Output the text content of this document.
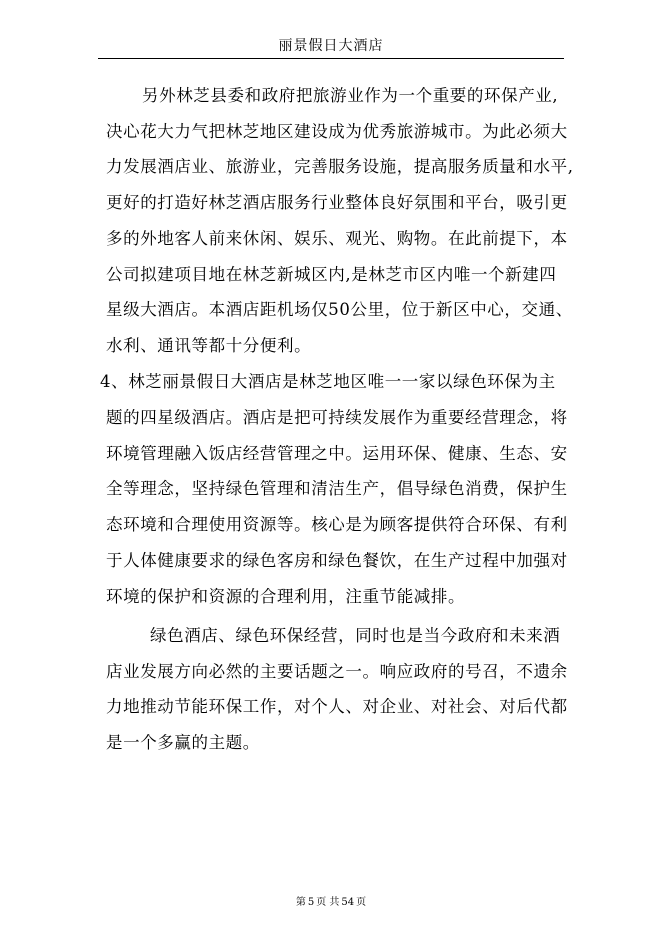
丽景假日大酒店
另外林芝县委和政府把旅游业作为一个重要的环保产业,
决心花大力气把林芝地区建设成为优秀旅游城市。为此必须大
力发展酒店业、旅游业，完善服务设施，提高服务质量和水平,
更好的打造好林芝酒店服务行业整体良好氛围和平台，吸引更
多的外地客人前来休闲、娱乐、观光、购物。在此前提下，本
公司拟建项目地在林芝新城区内,是林芝市区内唯一个新建四
星级大酒店。本酒店距机场仅50公里，位于新区中心，交通、
水利、通讯等都十分便利。
4、林芝丽景假日大酒店是林芝地区唯一一家以绿色环保为主
题的四星级酒店。酒店是把可持续发展作为重要经营理念，将
环境管理融入饭店经营管理之中。运用环保、健康、生态、安
全等理念，坚持绿色管理和清洁生产，倡导绿色消费，保护生
态环境和合理使用资源等。核心是为顾客提供符合环保、有利
于人体健康要求的绿色客房和绿色餐饮，在生产过程中加强对
环境的保护和资源的合理利用，注重节能减排。
绿色酒店、绿色环保经营，同时也是当今政府和未来酒
店业发展方向必然的主要话题之一。响应政府的号召，不遗余
力地推动节能环保工作，对个人、对企业、对社会、对后代都
是一个多赢的主题。
第 5 页 共 54 页
